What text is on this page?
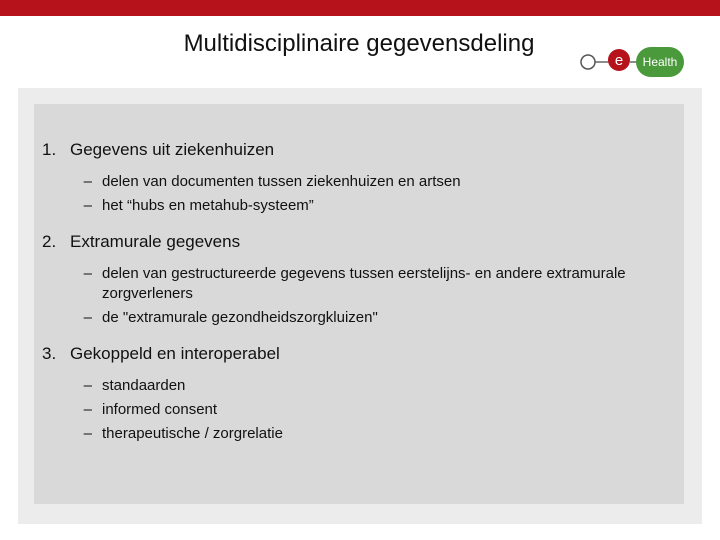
Multidisciplinaire gegevensdeling
e Health
1. Gegevens uit ziekenhuizen
– delen van documenten tussen ziekenhuizen en artsen
– het “hubs en metahub-systeem”
2. Extramurale gegevens
– delen van gestructureerde gegevens tussen eerstelijns- en andere extramurale zorgverleners
– de "extramurale gezondheidszorgkluizen"
3. Gekoppeld en interoperabel
– standaarden
– informed consent
– therapeutische / zorgrelatie
